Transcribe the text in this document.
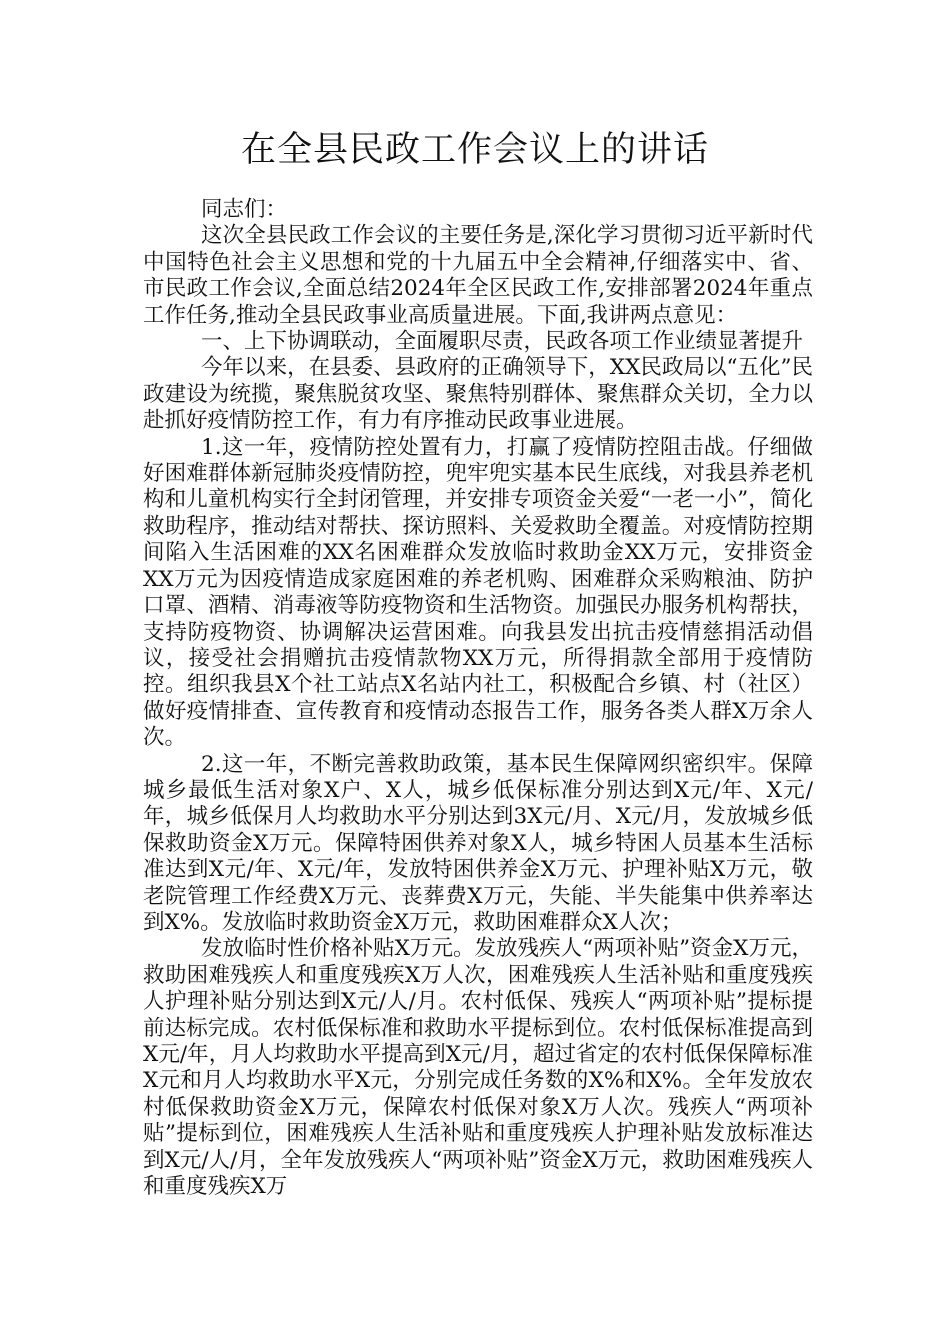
在全县民政工作会议上的讲话

同志们：

这次全县民政工作会议的主要任务是,深化学习贯彻习近平新时代中国特色社会主义思想和党的十九届五中全会精神,仔细落实中、省、市民政工作会议,全面总结2024年全区民政工作,安排部署2024年重点工作任务,推动全县民政事业高质量进展。下面,我讲两点意见：

一、上下协调联动，全面履职尽责，民政各项工作业绩显著提升

今年以来，在县委、县政府的正确领导下，XX民政局以“五化”民政建设为统揽，聚焦脱贫攻坚、聚焦特别群体、聚焦群众关切，全力以赴抓好疫情防控工作，有力有序推动民政事业进展。

1.这一年，疫情防控处置有力，打赢了疫情防控阻击战。仔细做好困难群体新冠肺炎疫情防控，兜牢兜实基本民生底线，对我县养老机构和儿童机构实行全封闭管理，并安排专项资金关爱“一老一小”，简化救助程序，推动结对帮扶、探访照料、关爱救助全覆盖。对疫情防控期间陷入生活困难的XX名困难群众发放临时救助金XX万元，安排资金XX万元为因疫情造成家庭困难的养老机购、困难群众采购粮油、防护口罩、酒精、消毒液等防疫物资和生活物资。加强民办服务机构帮扶，支持防疫物资、协调解决运营困难。向我县发出抗击疫情慈捐活动倡议，接受社会捐赠抗击疫情款物XX万元，所得捐款全部用于疫情防控。组织我县X个社工站点X名站内社工，积极配合乡镇、村（社区）做好疫情排查、宣传教育和疫情动态报告工作，服务各类人群X万余人次。

2.这一年，不断完善救助政策，基本民生保障网织密织牢。保障城乡最低生活对象X户、X人，城乡低保标准分别达到X元/年、X元/年，城乡低保月人均救助水平分别达到3X元/月、X元/月，发放城乡低保救助资金X万元。保障特困供养对象X人，城乡特困人员基本生活标准达到X元/年、X元/年，发放特困供养金X万元、护理补贴X万元，敬老院管理工作经费X万元、丧葬费X万元，失能、半失能集中供养率达到X%。发放临时救助资金X万元，救助困难群众X人次；

发放临时性价格补贴X万元。发放残疾人“两项补贴”资金X万元，救助困难残疾人和重度残疾X万人次，困难残疾人生活补贴和重度残疾人护理补贴分别达到X元/人/月。农村低保、残疾人“两项补贴”提标提前达标完成。农村低保标准和救助水平提标到位。农村低保标准提高到X元/年，月人均救助水平提高到X元/月，超过省定的农村低保保障标准X元和月人均救助水平X元，分别完成任务数的X%和X%。全年发放农村低保救助资金X万元，保障农村低保对象X万人次。残疾人“两项补贴”提标到位，困难残疾人生活补贴和重度残疾人护理补贴发放标准达到X元/人/月，全年发放残疾人“两项补贴”资金X万元，救助困难残疾人和重度残疾X万
